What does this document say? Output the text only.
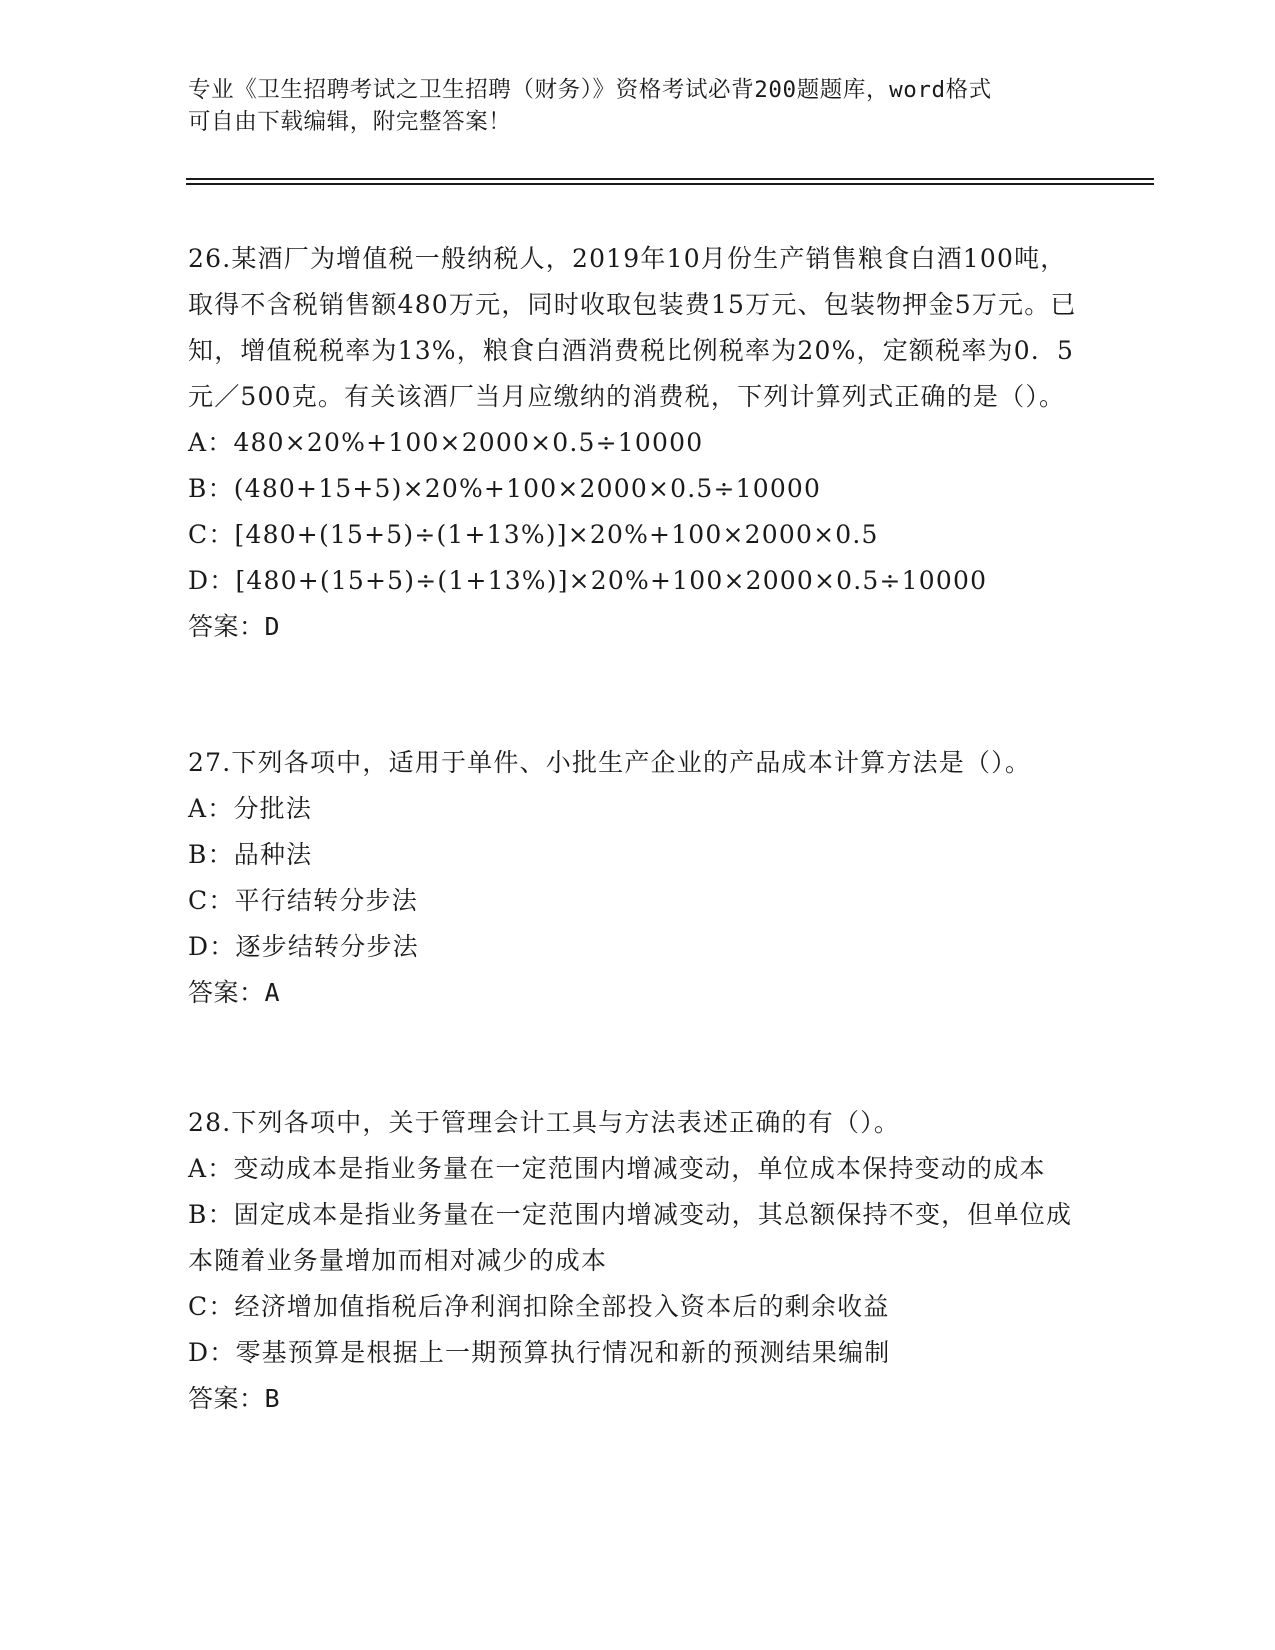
专业《卫生招聘考试之卫生招聘（财务）》资格考试必背200题题库，word格式

可自由下载编辑，附完整答案！

26.某酒厂为增值税一般纳税人，2019年10月份生产销售粮食白酒100吨，取得不含税销售额480万元，同时收取包装费15万元、包装物押金5万元。已知，增值税税率为13%，粮食白酒消费税比例税率为20%，定额税率为0．5元／500克。有关该酒厂当月应缴纳的消费税，下列计算列式正确的是（）。

A：480×20%+100×2000×0.5÷10000

B：(480+15+5)×20%+100×2000×0.5÷10000

C：[480+(15+5)÷(1+13%)]×20%+100×2000×0.5

D：[480+(15+5)÷(1+13%)]×20%+100×2000×0.5÷10000

答案：D

27.下列各项中，适用于单件、小批生产企业的产品成本计算方法是（）。

A：分批法

B：品种法

C：平行结转分步法

D：逐步结转分步法

答案：A

28.下列各项中，关于管理会计工具与方法表述正确的有（）。

A：变动成本是指业务量在一定范围内增减变动，单位成本保持变动的成本

B：固定成本是指业务量在一定范围内增减变动，其总额保持不变，但单位成本随着业务量增加而相对减少的成本

C：经济增加值指税后净利润扣除全部投入资本后的剩余收益

D：零基预算是根据上一期预算执行情况和新的预测结果编制

答案：B
